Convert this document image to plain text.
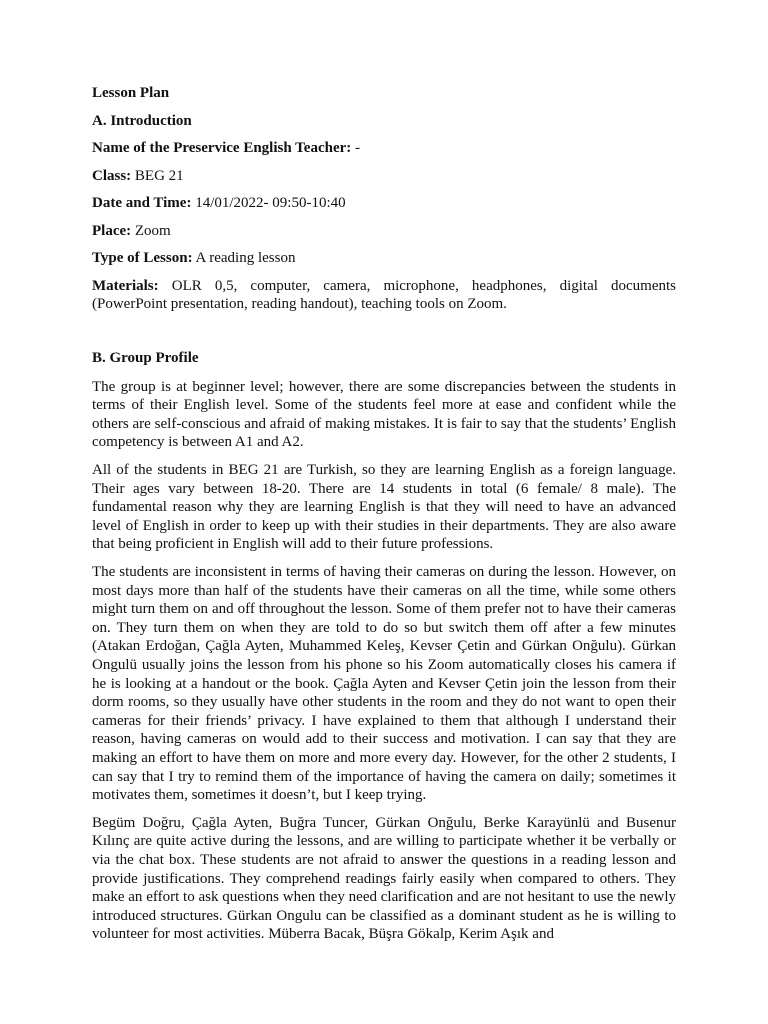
Lesson Plan
A. Introduction
Name of the Preservice English Teacher: -
Class: BEG 21
Date and Time: 14/01/2022- 09:50-10:40
Place: Zoom
Type of Lesson: A reading lesson
Materials: OLR 0,5, computer, camera, microphone, headphones, digital documents (PowerPoint presentation, reading handout), teaching tools on Zoom.
B. Group Profile

The group is at beginner level; however, there are some discrepancies between the students in terms of their English level. Some of the students feel more at ease and confident while the others are self-conscious and afraid of making mistakes. It is fair to say that the students’ English competency is between A1 and A2.

All of the students in BEG 21 are Turkish, so they are learning English as a foreign language. Their ages vary between 18-20. There are 14 students in total (6 female/ 8 male). The fundamental reason why they are learning English is that they will need to have an advanced level of English in order to keep up with their studies in their departments. They are also aware that being proficient in English will add to their future professions.

The students are inconsistent in terms of having their cameras on during the lesson. However, on most days more than half of the students have their cameras on all the time, while some others might turn them on and off throughout the lesson. Some of them prefer not to have their cameras on. They turn them on when they are told to do so but switch them off after a few minutes (Atakan Erdoğan, Çağla Ayten, Muhammed Keleş, Kevser Çetin and Gürkan Onğulu). Gürkan Ongulü usually joins the lesson from his phone so his Zoom automatically closes his camera if he is looking at a handout or the book. Çağla Ayten and Kevser Çetin join the lesson from their dorm rooms, so they usually have other students in the room and they do not want to open their cameras for their friends’ privacy. I have explained to them that although I understand their reason, having cameras on would add to their success and motivation. I can say that they are making an effort to have them on more and more every day. However, for the other 2 students, I can say that I try to remind them of the importance of having the camera on daily; sometimes it motivates them, sometimes it doesn’t, but I keep trying.

Begüm Doğru, Çağla Ayten, Buğra Tuncer, Gürkan Onğulu, Berke Karayünlü and Busenur Kılınç are quite active during the lessons, and are willing to participate whether it be verbally or via the chat box. These students are not afraid to answer the questions in a reading lesson and provide justifications. They comprehend readings fairly easily when compared to others. They make an effort to ask questions when they need clarification and are not hesitant to use the newly introduced structures. Gürkan Ongulu can be classified as a dominant student as he is willing to volunteer for most activities. Müberra Bacak, Büşra Gökalp, Kerim Aşık and
